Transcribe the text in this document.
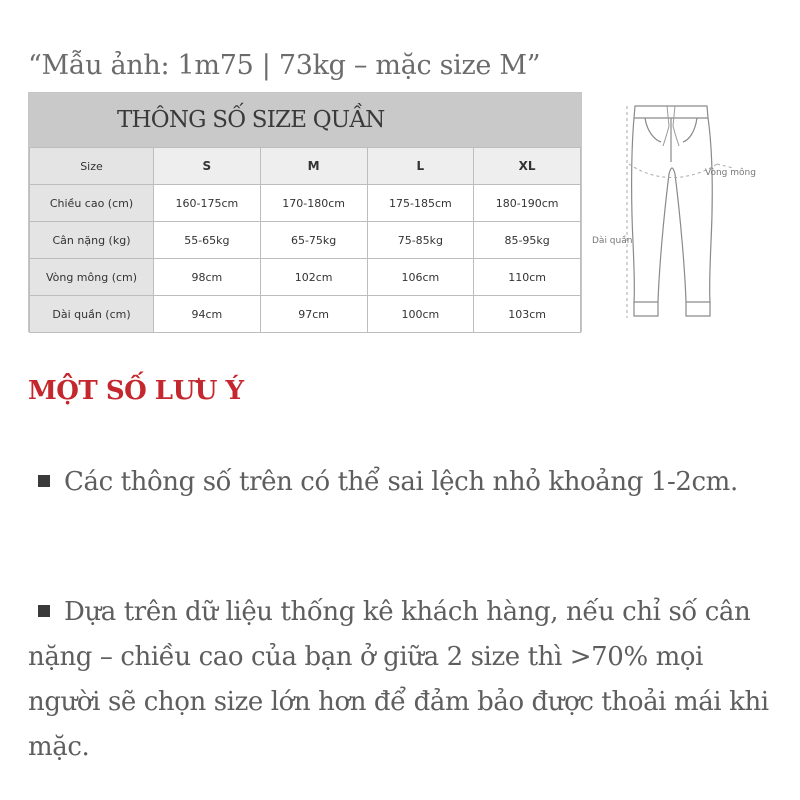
“Mẫu ảnh: 1m75 | 73kg – mặc size M”
THÔNG SỐ SIZE QUẦN
Size	S	M	L	XL
Chiều cao (cm)	160-175cm	170-180cm	175-185cm	180-190cm
Cân nặng (kg)	55-65kg	65-75kg	75-85kg	85-95kg
Vòng mông (cm)	98cm	102cm	106cm	110cm
Dài quần (cm)	94cm	97cm	100cm	103cm
Vòng mông
Dài quần
MỘT SỐ LƯU Ý

Các thông số trên có thể sai lệch nhỏ khoảng 1-2cm.

Dựa trên dữ liệu thống kê khách hàng, nếu chỉ số cân nặng – chiều cao của bạn ở giữa 2 size thì >70% mọi người sẽ chọn size lớn hơn để đảm bảo được thoải mái khi mặc.
